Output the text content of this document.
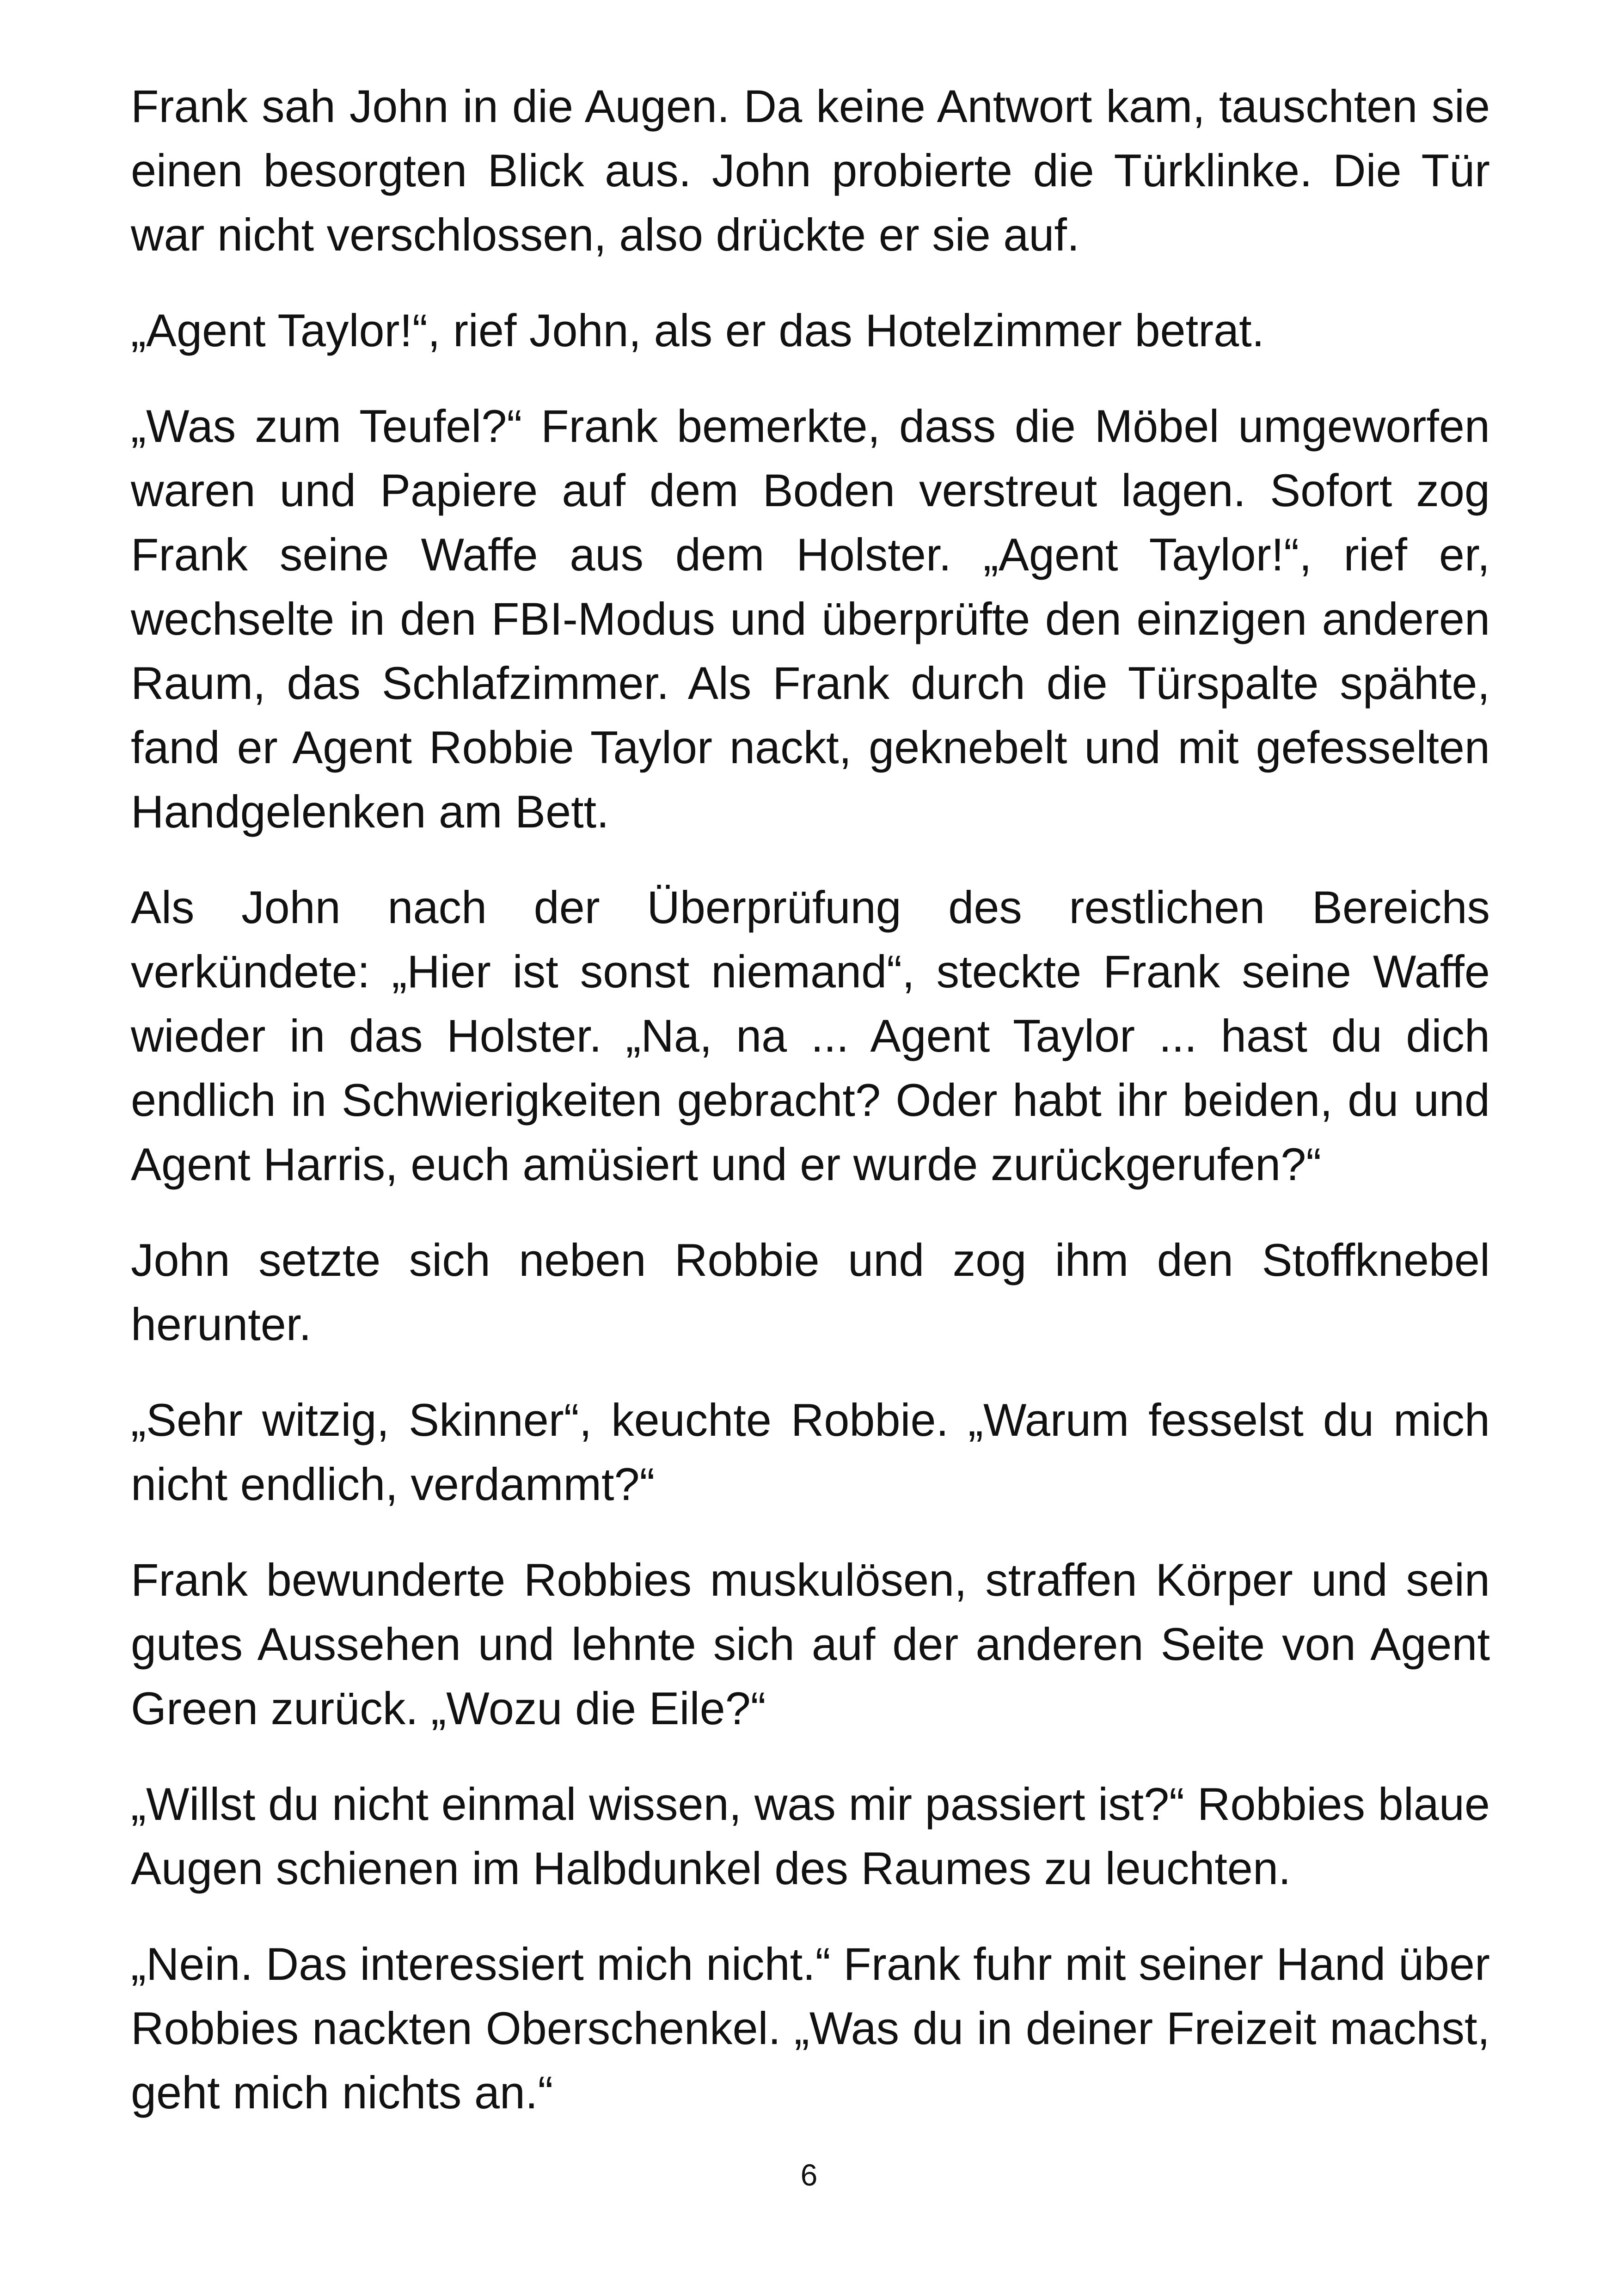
Frank sah John in die Augen. Da keine Antwort kam, tauschten sie einen besorgten Blick aus. John probierte die Türklinke. Die Tür war nicht verschlossen, also drückte er sie auf.

„Agent Taylor!“, rief John, als er das Hotelzimmer betrat.

„Was zum Teufel?“ Frank bemerkte, dass die Möbel umgeworfen waren und Papiere auf dem Boden verstreut lagen. Sofort zog Frank seine Waffe aus dem Holster. „Agent Taylor!“, rief er, wechselte in den FBI-Modus und überprüfte den einzigen anderen Raum, das Schlafzimmer. Als Frank durch die Türspalte spähte, fand er Agent Robbie Taylor nackt, geknebelt und mit gefesselten Handgelenken am Bett.

Als John nach der Überprüfung des restlichen Bereichs verkündete: „Hier ist sonst niemand“, steckte Frank seine Waffe wieder in das Holster. „Na, na ... Agent Taylor ... hast du dich endlich in Schwierigkeiten gebracht? Oder habt ihr beiden, du und Agent Harris, euch amüsiert und er wurde zurückgerufen?“

John setzte sich neben Robbie und zog ihm den Stoffknebel herunter.

„Sehr witzig, Skinner“, keuchte Robbie. „Warum fesselst du mich nicht endlich, verdammt?“

Frank bewunderte Robbies muskulösen, straffen Körper und sein gutes Aussehen und lehnte sich auf der anderen Seite von Agent Green zurück. „Wozu die Eile?“

„Willst du nicht einmal wissen, was mir passiert ist?“ Robbies blaue Augen schienen im Halbdunkel des Raumes zu leuchten.

„Nein. Das interessiert mich nicht.“ Frank fuhr mit seiner Hand über Robbies nackten Oberschenkel. „Was du in deiner Freizeit machst, geht mich nichts an.“

6
